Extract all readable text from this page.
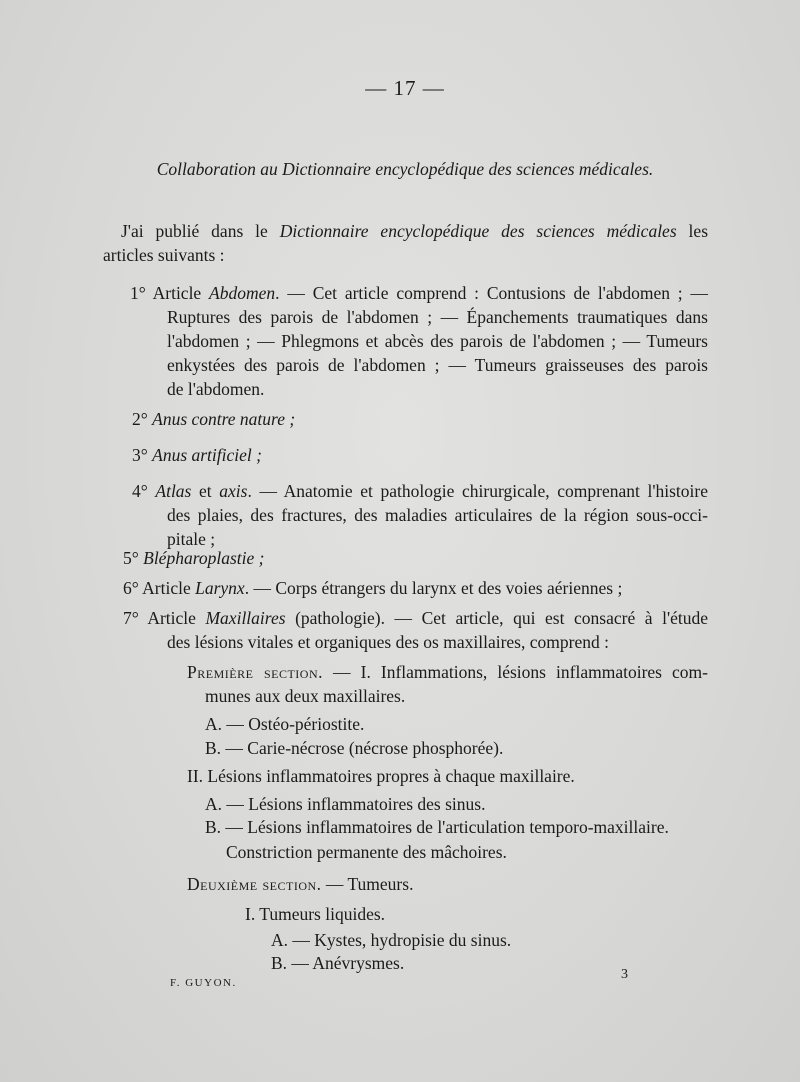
— 17 —
Collaboration au Dictionnaire encyclopédique des sciences médicales.
J'ai publié dans le Dictionnaire encyclopédique des sciences médicales les
articles suivants :
1° Article Abdomen. — Cet article comprend : Contusions de l'abdomen ; —
Ruptures des parois de l'abdomen ; — Épanchements traumatiques dans
l'abdomen ; — Phlegmons et abcès des parois de l'abdomen ; — Tumeurs
enkystées des parois de l'abdomen ; — Tumeurs graisseuses des parois
de l'abdomen.
2° Anus contre nature ;
3° Anus artificiel ;
4° Atlas et axis. — Anatomie et pathologie chirurgicale, comprenant l'histoire
des plaies, des fractures, des maladies articulaires de la région sous-occi-
pitale ;
5° Blépharoplastie ;
6° Article Larynx. — Corps étrangers du larynx et des voies aériennes ;
7° Article Maxillaires (pathologie). — Cet article, qui est consacré à l'étude
des lésions vitales et organiques des os maxillaires, comprend :
Première section. — I. Inflammations, lésions inflammatoires com-
munes aux deux maxillaires.
A. — Ostéo-périostite.
B. — Carie-nécrose (nécrose phosphorée).
II. Lésions inflammatoires propres à chaque maxillaire.
A. — Lésions inflammatoires des sinus.
B. — Lésions inflammatoires de l'articulation temporo-maxillaire.
Constriction permanente des mâchoires.
Deuxième section. — Tumeurs.
I. Tumeurs liquides.
A. — Kystes, hydropisie du sinus.
B. — Anévrysmes.
F. GUYON.
3
